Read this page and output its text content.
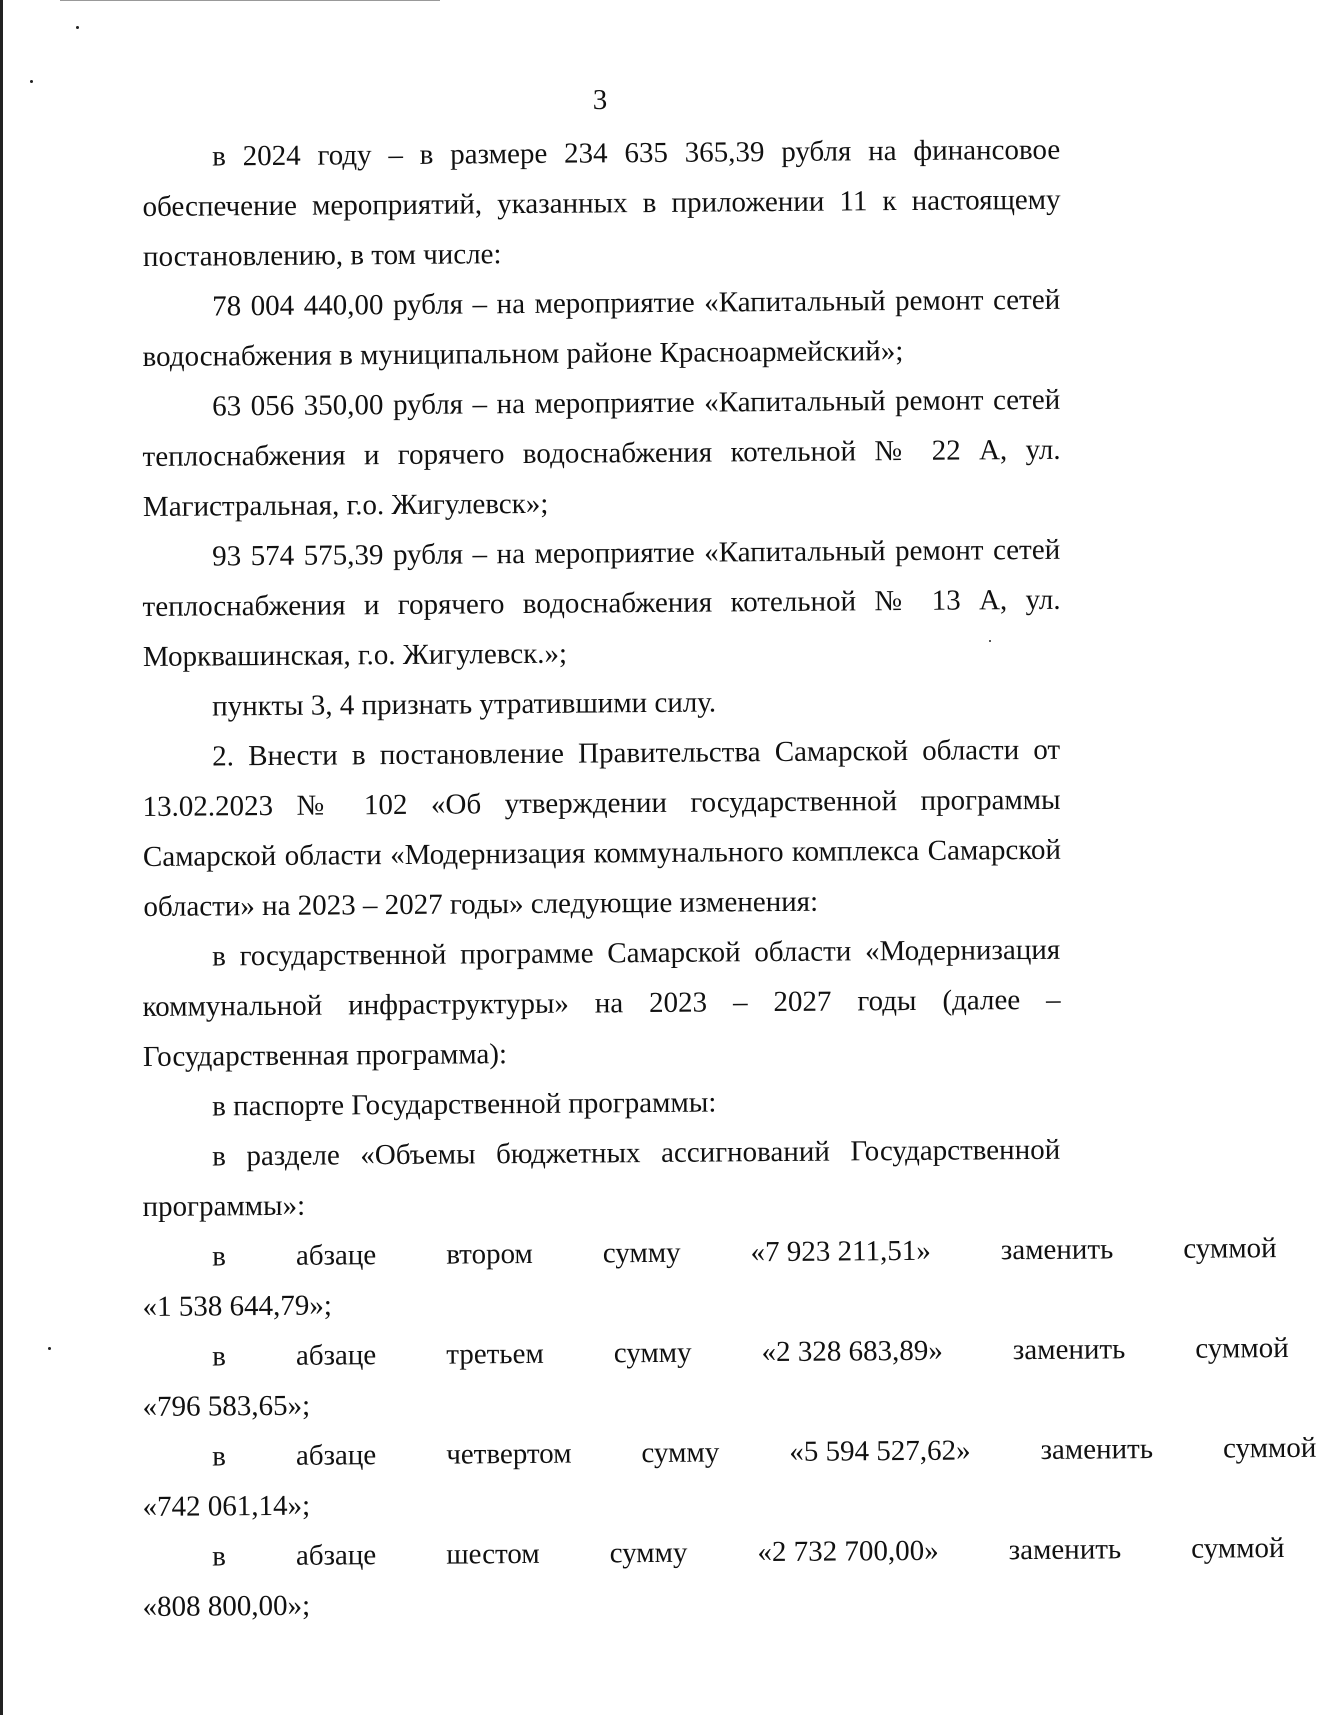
3

в 2024 году – в размере 234 635 365,39 рубля на финансовое обеспечение мероприятий, указанных в приложении 11 к настоящему постановлению, в том числе:

78 004 440,00 рубля – на мероприятие «Капитальный ремонт сетей водоснабжения в муниципальном районе Красноармейский»;

63 056 350,00 рубля – на мероприятие «Капитальный ремонт сетей теплоснабжения и горячего водоснабжения котельной № 22 А, ул. Магистральная, г.о. Жигулевск»;

93 574 575,39 рубля – на мероприятие «Капитальный ремонт сетей теплоснабжения и горячего водоснабжения котельной № 13 А, ул. Морквашинская, г.о. Жигулевск.»;

пункты 3, 4 признать утратившими силу.

2. Внести в постановление Правительства Самарской области от 13.02.2023 № 102 «Об утверждении государственной программы Самарской области «Модернизация коммунального комплекса Самарской области» на 2023 – 2027 годы» следующие изменения:

в государственной программе Самарской области «Модернизация коммунальной инфраструктуры» на 2023 – 2027 годы (далее – Государственная программа):

в паспорте Государственной программы:

в разделе «Объемы бюджетных ассигнований Государственной программы»:

в	абзаце	втором	сумму	«7 923 211,51»	заменить	суммой
«1 538 644,79»;
в	абзаце	третьем	сумму	«2 328 683,89»	заменить	суммой
«796 583,65»;
в	абзаце	четвертом	сумму	«5 594 527,62»	заменить	суммой
«742 061,14»;
в	абзаце	шестом	сумму	«2 732 700,00»	заменить	суммой
«808 800,00»;
